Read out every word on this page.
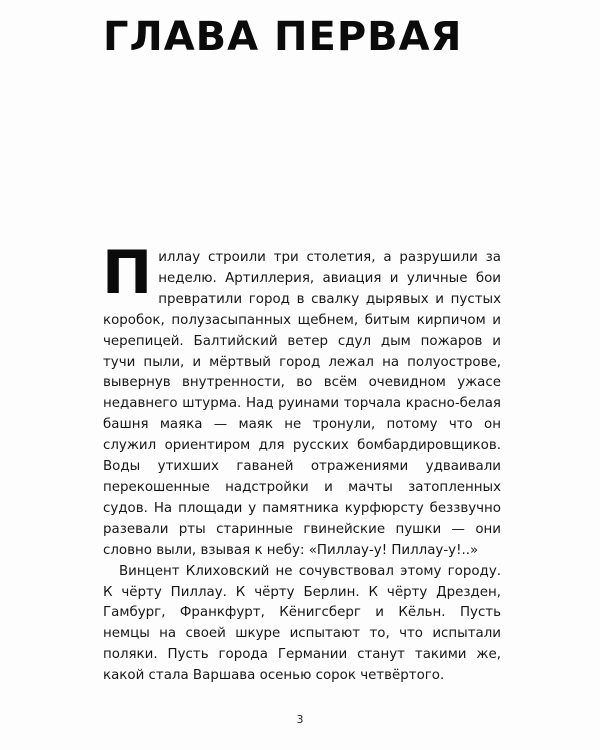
ГЛАВА ПЕРВАЯ

Пиллау строили три столетия, а разрушили за неделю. Артиллерия, авиация и уличные бои превратили город в свалку дырявых и пустых коробок, полузасыпанных щебнем, битым кирпичом и черепицей. Балтийский ветер сдул дым пожаров и тучи пыли, и мёртвый город лежал на полуострове, вывернув внутренности, во всём очевидном ужасе недавнего штурма. Над руинами торчала красно-белая башня маяка — маяк не тронули, потому что он служил ориентиром для русских бомбардировщиков. Воды утихших гаваней отражениями удваивали перекошенные надстройки и мачты затопленных судов. На площади у памятника курфюрсту беззвучно разевали рты старинные гвинейские пушки — они словно выли, взывая к небу: «Пиллау-у! Пиллау-у!..»

Винцент Клиховский не сочувствовал этому городу. К чёрту Пиллау. К чёрту Берлин. К чёрту Дрезден, Гамбург, Франкфурт, Кёнигсберг и Кёльн. Пусть немцы на своей шкуре испытают то, что испытали поляки. Пусть города Германии станут такими же, какой стала Варшава осенью сорок четвёртого.

3
